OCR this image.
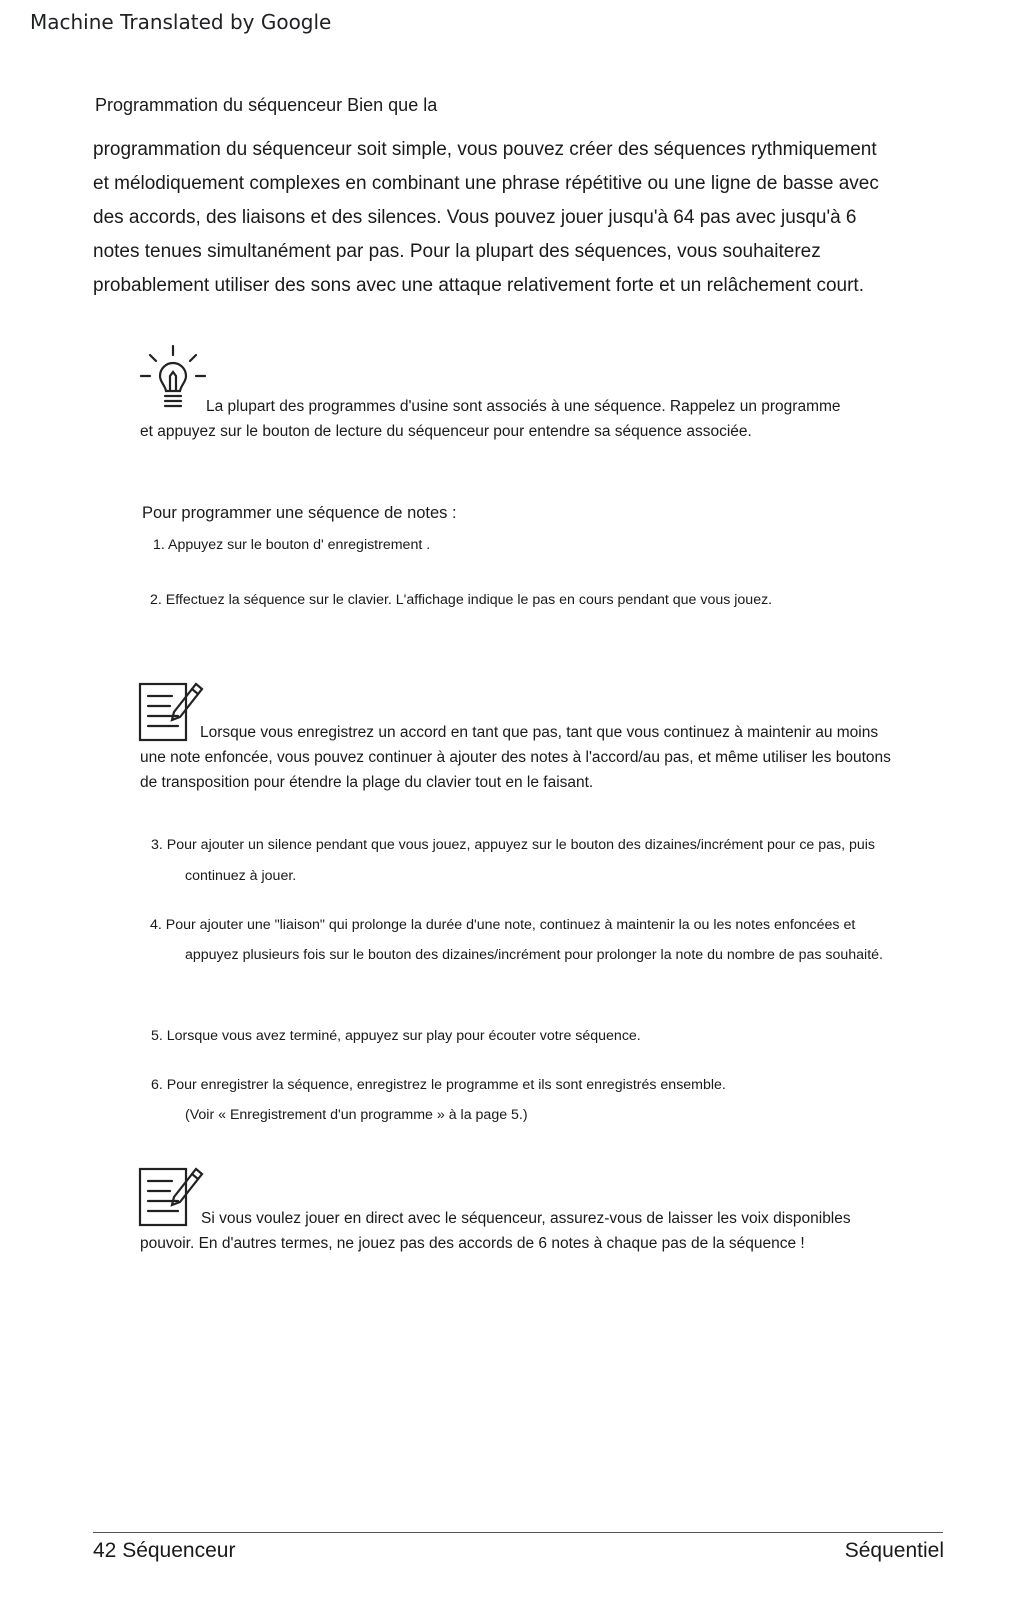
Machine Translated by Google
Programmation du séquenceur Bien que la
programmation du séquenceur soit simple, vous pouvez créer des séquences rythmiquement
et mélodiquement complexes en combinant une phrase répétitive ou une ligne de basse avec
des accords, des liaisons et des silences. Vous pouvez jouer jusqu'à 64 pas avec jusqu'à 6
notes tenues simultanément par pas. Pour la plupart des séquences, vous souhaiterez
probablement utiliser des sons avec une attaque relativement forte et un relâchement court.
La plupart des programmes d'usine sont associés à une séquence. Rappelez un programme
et appuyez sur le bouton de lecture du séquenceur pour entendre sa séquence associée.
Pour programmer une séquence de notes :
1. Appuyez sur le bouton d' enregistrement .
2. Effectuez la séquence sur le clavier. L'affichage indique le pas en cours pendant que vous jouez.
Lorsque vous enregistrez un accord en tant que pas, tant que vous continuez à maintenir au moins
une note enfoncée, vous pouvez continuer à ajouter des notes à l'accord/au pas, et même utiliser les boutons
de transposition pour étendre la plage du clavier tout en le faisant.
3. Pour ajouter un silence pendant que vous jouez, appuyez sur le bouton des dizaines/incrément pour ce pas, puis
continuez à jouer.
4. Pour ajouter une "liaison" qui prolonge la durée d'une note, continuez à maintenir la ou les notes enfoncées et
appuyez plusieurs fois sur le bouton des dizaines/incrément pour prolonger la note du nombre de pas souhaité.
5. Lorsque vous avez terminé, appuyez sur play pour écouter votre séquence.
6. Pour enregistrer la séquence, enregistrez le programme et ils sont enregistrés ensemble.
(Voir « Enregistrement d'un programme » à la page 5.)
Si vous voulez jouer en direct avec le séquenceur, assurez-vous de laisser les voix disponibles
pouvoir. En d'autres termes, ne jouez pas des accords de 6 notes à chaque pas de la séquence !
42 Séquenceur	Séquentiel
